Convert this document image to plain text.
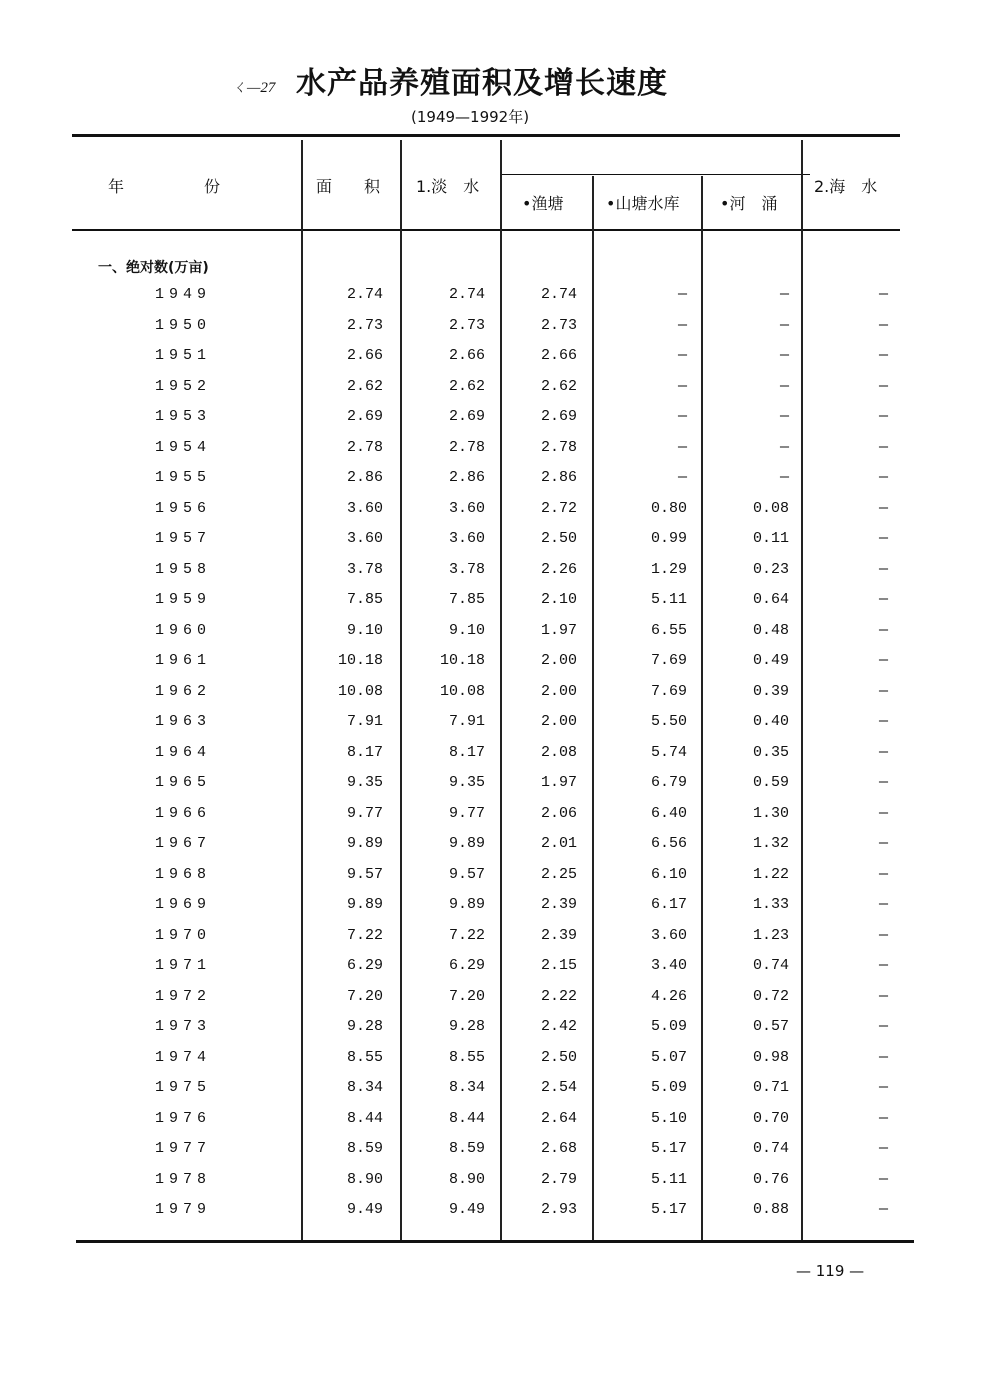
ㄑ—27 水产品养殖面积及增长速度
(1949—1992年)
年　　　　　份	面　　积 1.淡　水
•渔塘	•山塘水库	•河　涌
2.海　水
一、绝对数(万亩)
1949	2.74	2.74	2.74	—	—	—
1950	2.73	2.73	2.73	—	—	—
1951	2.66	2.66	2.66	—	—	—
1952	2.62	2.62	2.62	—	—	—
1953	2.69	2.69	2.69	—	—	—
1954	2.78	2.78	2.78	—	—	—
1955	2.86	2.86	2.86	—	—	—
1956	3.60	3.60	2.72	0.80	0.08	—
1957	3.60	3.60	2.50	0.99	0.11	—
1958	3.78	3.78	2.26	1.29	0.23	—
1959	7.85	7.85	2.10	5.11	0.64	—
1960	9.10	9.10	1.97	6.55	0.48	—
1961	10.18	10.18	2.00	7.69	0.49	—
1962	10.08	10.08	2.00	7.69	0.39	—
1963	7.91	7.91	2.00	5.50	0.40	—
1964	8.17	8.17	2.08	5.74	0.35	—
1965	9.35	9.35	1.97	6.79	0.59	—
1966	9.77	9.77	2.06	6.40	1.30	—
1967	9.89	9.89	2.01	6.56	1.32	—
1968	9.57	9.57	2.25	6.10	1.22	—
1969	9.89	9.89	2.39	6.17	1.33	—
1970	7.22	7.22	2.39	3.60	1.23	—
1971	6.29	6.29	2.15	3.40	0.74	—
1972	7.20	7.20	2.22	4.26	0.72	—
1973	9.28	9.28	2.42	5.09	0.57	—
1974	8.55	8.55	2.50	5.07	0.98	—
1975	8.34	8.34	2.54	5.09	0.71	—
1976	8.44	8.44	2.64	5.10	0.70	—
1977	8.59	8.59	2.68	5.17	0.74	—
1978	8.90	8.90	2.79	5.11	0.76	—
1979	9.49	9.49	2.93	5.17	0.88	—
— 119 —
